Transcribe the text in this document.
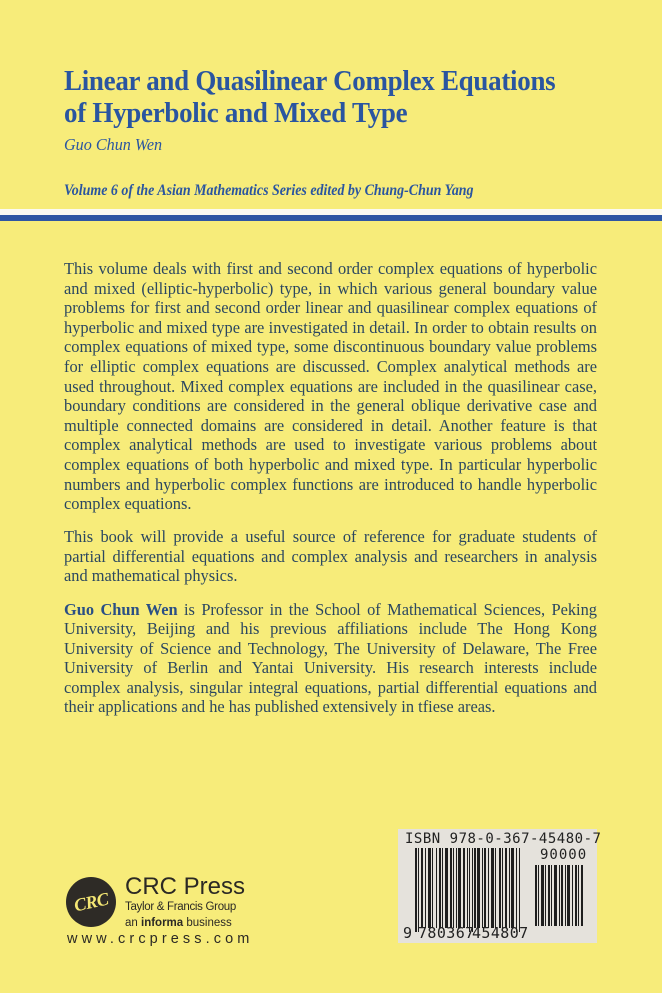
Linear and Quasilinear Complex Equations
of Hyperbolic and Mixed Type
Guo Chun Wen
Volume 6 of the Asian Mathematics Series edited by Chung-Chun Yang

This volume deals with first and second order complex equations of hyperbolic and mixed (elliptic-hyperbolic) type, in which various general boundary value problems for first and second order linear and quasilinear complex equations of hyperbolic and mixed type are investigated in detail. In order to obtain results on complex equations of mixed type, some discontinuous boundary value problems for elliptic complex equations are discussed. Complex analytical methods are used throughout. Mixed complex equations are included in the quasilinear case, boundary conditions are considered in the general oblique derivative case and multiple connected domains are considered in detail. Another feature is that complex analytical methods are used to investigate various problems about complex equations of both hyperbolic and mixed type. In particular hyperbolic numbers and hyperbolic complex functions are introduced to handle hyperbolic complex equations.

This book will provide a useful source of reference for graduate students of partial differential equations and complex analysis and researchers in analysis and mathematical physics.

Guo Chun Wen is Professor in the School of Mathematical Sciences, Peking University, Beijing and his previous affiliations include The Hong Kong University of Science and Technology, The University of Delaware, The Free University of Berlin and Yantai University. His research interests include complex analysis, singular integral equations, partial differential equations and their applications and he has published extensively in tfiese areas.

CRC
CRC Press
Taylor & Francis Group
an informa business
www.crcpress.com
ISBN 978-0-367-45480-7
90000
9 780367
454807
